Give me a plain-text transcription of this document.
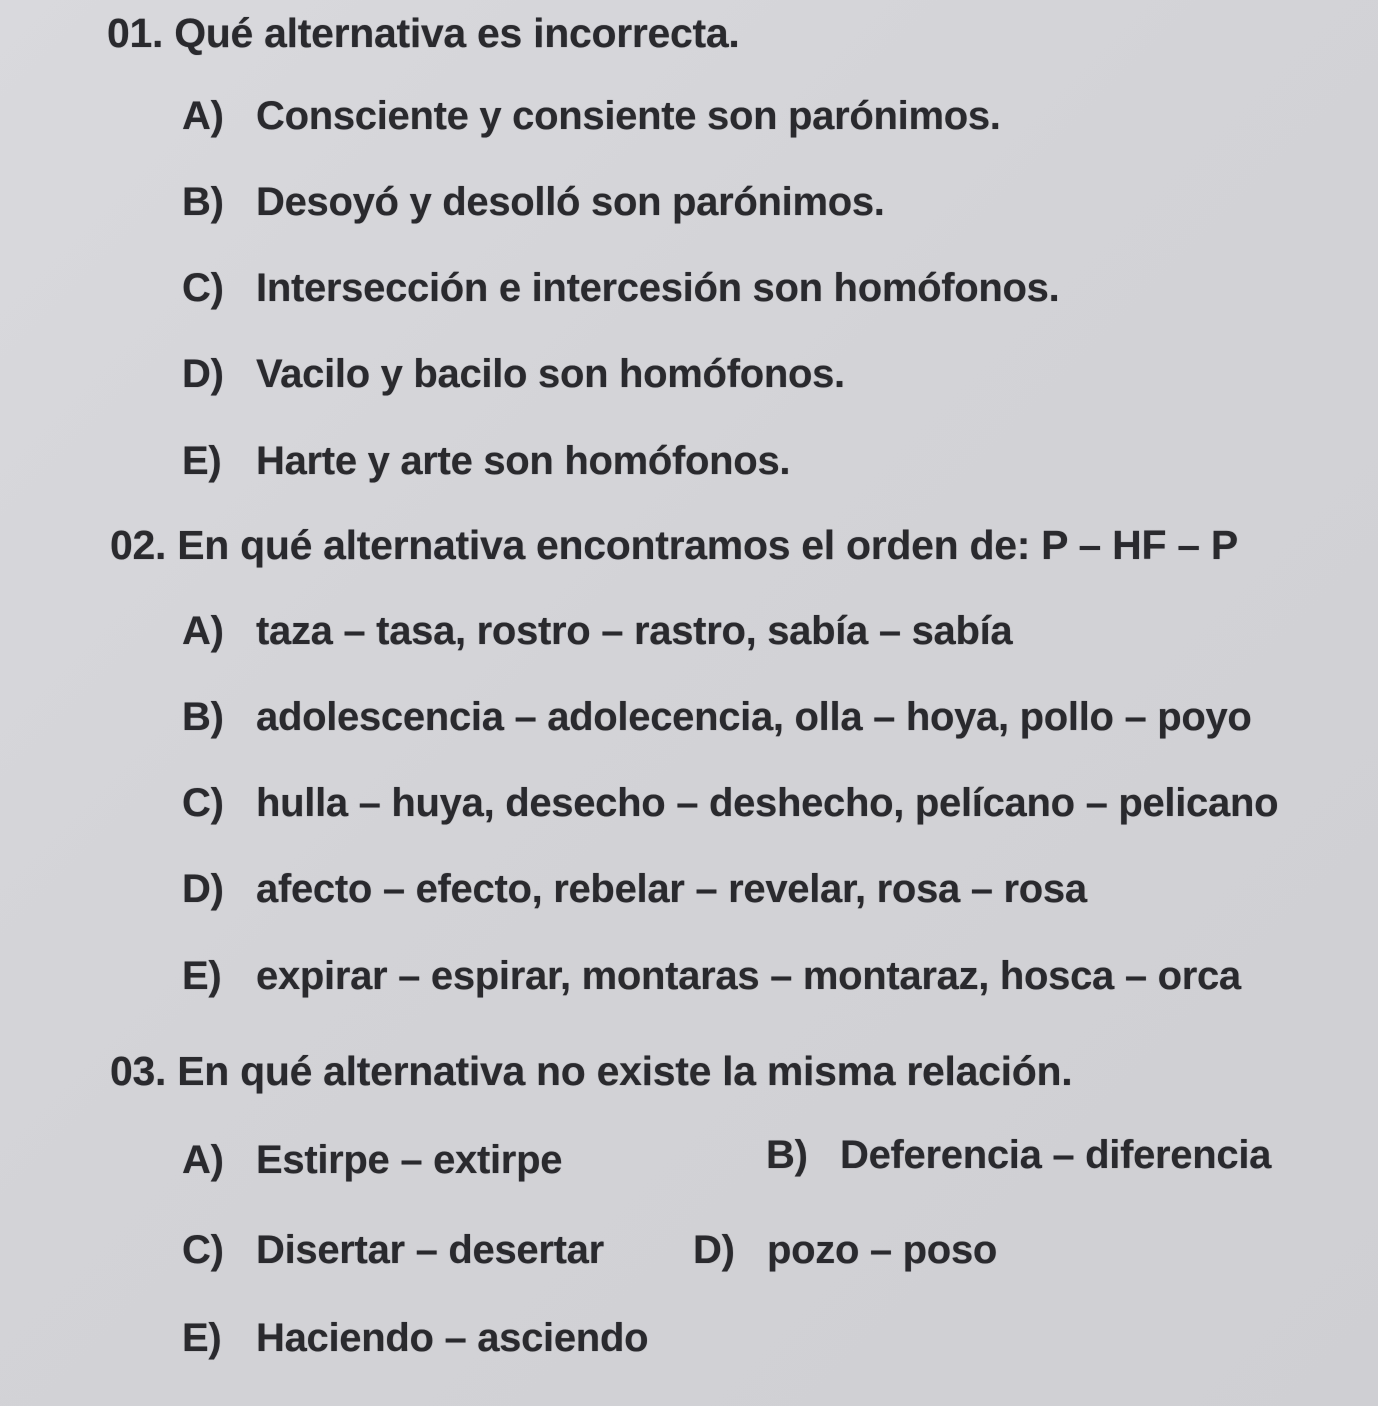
01. Qué alternativa es incorrecta.
A) Consciente y consiente son parónimos.
B) Desoyó y desolló son parónimos.
C) Intersección e intercesión son homófonos.
D) Vacilo y bacilo son homófonos.
E) Harte y arte son homófonos.
02. En qué alternativa encontramos el orden de: P – HF – P
A) taza – tasa, rostro – rastro, sabía – sabía
B) adolescencia – adolecencia, olla – hoya, pollo – poyo
C) hulla – huya, desecho – deshecho, pelícano – pelicano
D) afecto – efecto, rebelar – revelar, rosa – rosa
E) expirar – espirar, montaras – montaraz, hosca – orca
03. En qué alternativa no existe la misma relación.
A) Estirpe – extirpe	B) Deferencia – diferencia
C) Disertar – desertar D) pozo – poso
E) Haciendo – asciendo
